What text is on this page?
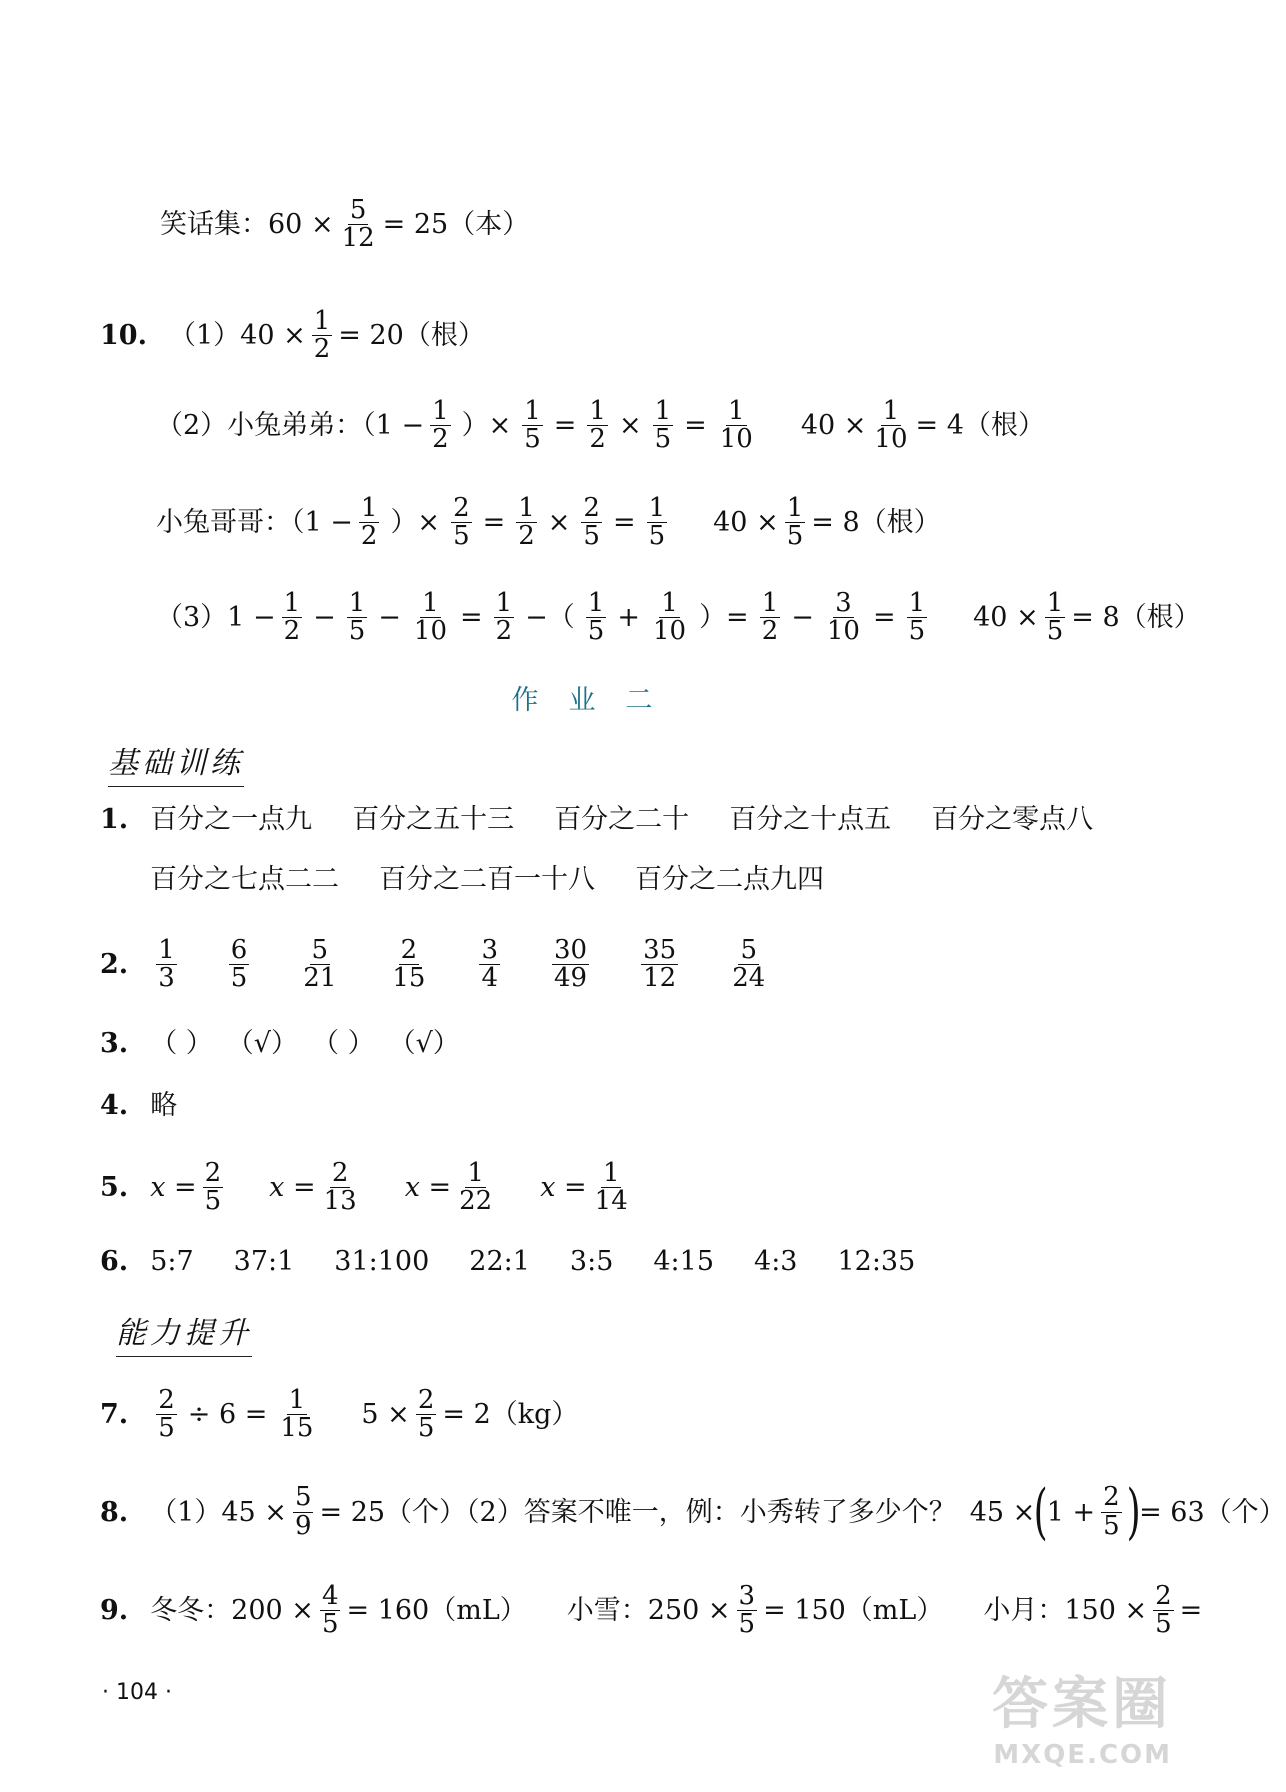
笑话集：$60 \times \frac{5}{12} = 25$（本）
10. $(1)40 \times \frac{1}{2} = 20$（根）
（2）小兔弟弟：（$1 - \frac{1}{2}$ ）× $\frac{1}{5} = \frac{1}{2} \times \frac{1}{5} = \frac{1}{10} 40 \times \frac{1}{10} = 4$（根）
小兔哥哥：（$1 - \frac{1}{2}$ ）× $\frac{2}{5} = \frac{1}{2} \times \frac{2}{5} = \frac{1}{5} 40 \times \frac{1}{5} = 8$（根）
$(3)1 - \frac{1}{2} - \frac{1}{5} - \frac{1}{10} = \frac{1}{2}$ −（ 1
$5 + \frac{1}{10}$ ）= $\frac{1}{2} - \frac{3}{10} = \frac{1}{5} 40 \times \frac{1}{5} = 8$（根）
作业二
基础训练
1. 百分之一点九 百分之五十三 百分之二十 百分之十点五 百分之零点八
百分之七点二二 百分之二百一十八 百分之二点九四
2. 1
3
6
5
5
21
2
15
3
4
30
49
35
12
5
24
3. （ ） （√） （ ） （√）
4. 略
5. $x = \frac{2}{5}$ $x = \frac{2}{13}$ $x = \frac{1}{22}$ $x = \frac{1}{14}$
6. 5:7 37:1 31:100 22:1 3:5 4:15 4:3 12:35
能力提升
7. $\frac{2}{5} \div 6 = \frac{1}{15} 5 \times \frac{2}{5} = 2(kg)$
8. $(1)45 \times \frac{5}{9} = 25$（个）（2）答案不唯一，例：小秀转了多少个？ 45 ×
(
$1 + \frac{2}{5}$ )
= 63（个）
9. 冬冬：$200 \times \frac{4}{5} = 160(mL)$ 小雪：$250 \times \frac{3}{5} = 150(mL)$ 小月：$150 \times \frac{2}{5}$ =
· 104 ·	答案圈
MXQE.COM
